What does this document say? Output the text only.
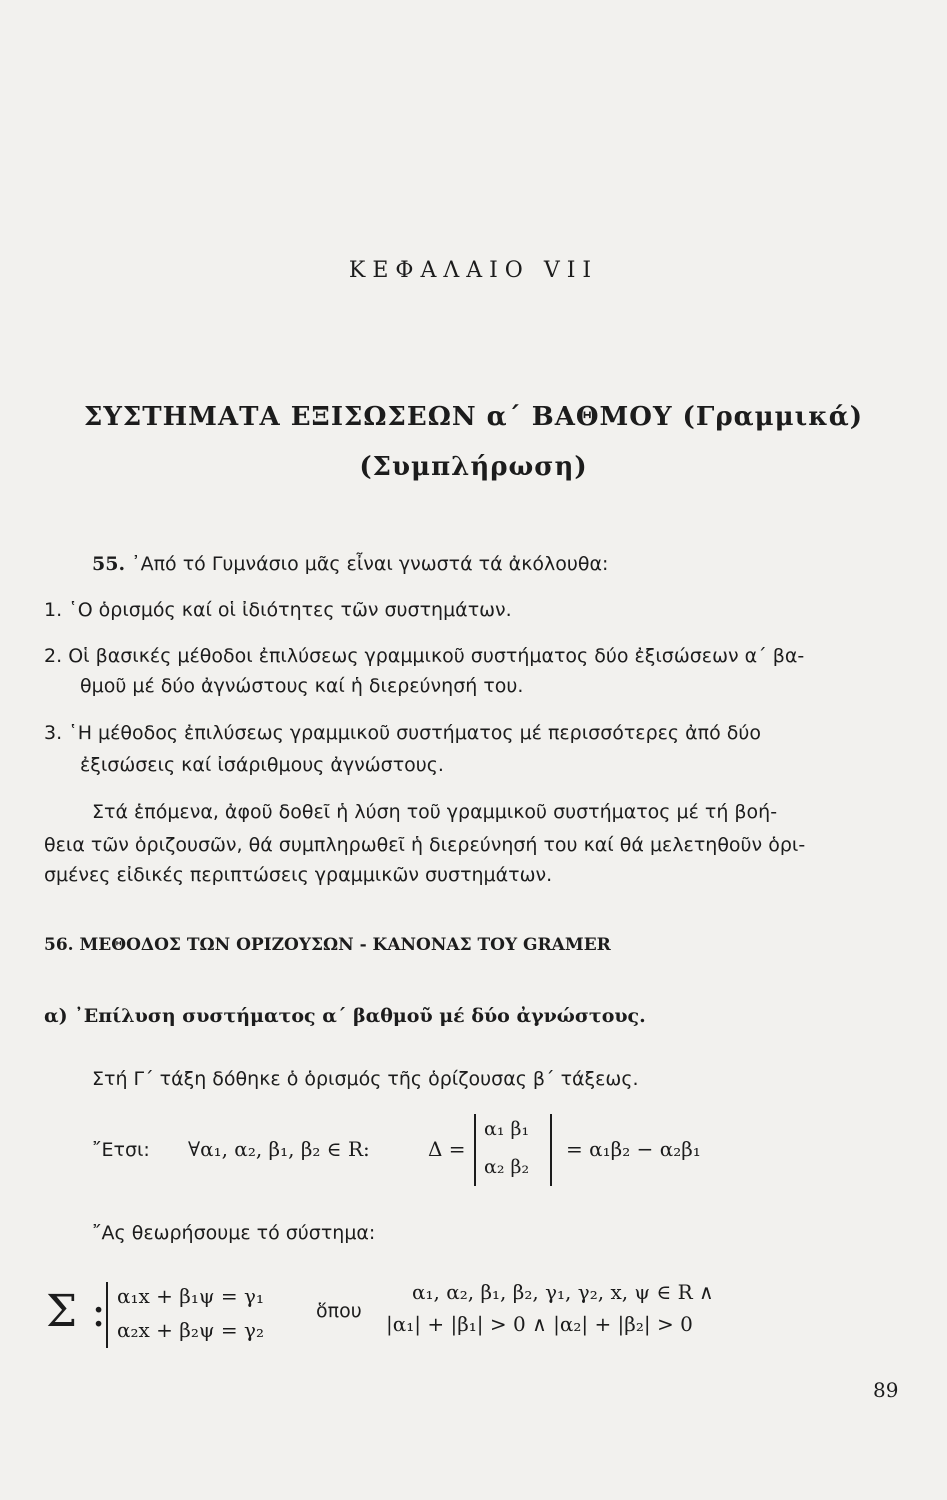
ΚΕΦΑΛΑΙΟ VII
ΣΥΣΤΗΜΑΤΑ ΕΞΙΣΩΣΕΩΝ α΄ ΒΑΘΜΟΥ (Γραμμικά)
(Συμπλήρωση)
55. ᾽Από τό Γυμνάσιο μᾶς εἶναι γνωστά τά ἀκόλουθα:
1. ῾Ο ὁρισμός καί οἱ ἰδιότητες τῶν συστημάτων.
2. Οἱ βασικές μέθοδοι ἐπιλύσεως γραμμικοῦ συστήματος δύο ἐξισώσεων α΄ βα-
θμοῦ μέ δύο ἀγνώστους καί ἡ διερεύνησή του.
3. ῾Η μέθοδος ἐπιλύσεως γραμμικοῦ συστήματος μέ περισσότερες ἀπό δύο
ἐξισώσεις καί ἰσάριθμους ἀγνώστους.
Στά ἑπόμενα, ἀφοῦ δοθεῖ ἡ λύση τοῦ γραμμικοῦ συστήματος μέ τή βοή-
θεια τῶν ὁριζουσῶν, θά συμπληρωθεῖ ἡ διερεύνησή του καί θά μελετηθοῦν ὁρι-
σμένες εἰδικές περιπτώσεις γραμμικῶν συστημάτων.
56. ΜΕΘΟΔΟΣ ΤΩΝ ΟΡΙΖΟΥΣΩΝ - ΚΑΝΟΝΑΣ ΤΟΥ GRAMER
α) ᾽Επίλυση συστήματος α΄ βαθμοῦ μέ δύο ἀγνώστους.
Στή Γ΄ τάξη δόθηκε ὁ ὁρισμός τῆς ὁρίζουσας β΄ τάξεως.
῎Ετσι: ∀α₁, α₂, β₁, β₂ ∈ R:	Δ =
α₁ β₁
α₂ β₂
= α₁β₂ − α₂β₁
῎Ας θεωρήσουμε τό σύστημα:
Σ : α₁x + β₁ψ = γ₁
α₂x + β₂ψ = γ₂
ὅπου
α₁, α₂, β₁, β₂, γ₁, γ₂, x, ψ ∈ R ∧
|α₁| + |β₁| > 0 ∧ |α₂| + |β₂| > 0
89
